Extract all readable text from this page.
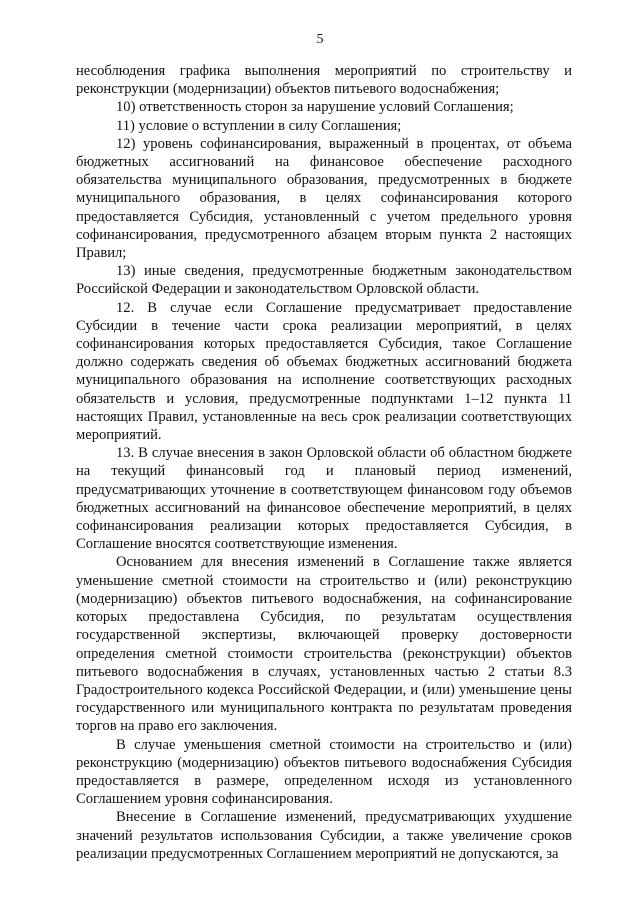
5

несоблюдения графика выполнения мероприятий по строительству и реконструкции (модернизации) объектов питьевого водоснабжения;

10) ответственность сторон за нарушение условий Соглашения;

11) условие о вступлении в силу Соглашения;

12) уровень софинансирования, выраженный в процентах, от объема бюджетных ассигнований на финансовое обеспечение расходного обязательства муниципального образования, предусмотренных в бюджете муниципального образования, в целях софинансирования которого предоставляется Субсидия, установленный с учетом предельного уровня софинансирования, предусмотренного абзацем вторым пункта 2 настоящих Правил;

13) иные сведения, предусмотренные бюджетным законодательством Российской Федерации и законодательством Орловской области.

12. В случае если Соглашение предусматривает предоставление Субсидии в течение части срока реализации мероприятий, в целях софинансирования которых предоставляется Субсидия, такое Соглашение должно содержать сведения об объемах бюджетных ассигнований бюджета муниципального образования на исполнение соответствующих расходных обязательств и условия, предусмотренные подпунктами 1–12 пункта 11 настоящих Правил, установленные на весь срок реализации соответствующих мероприятий.

13. В случае внесения в закон Орловской области об областном бюджете на текущий финансовый год и плановый период изменений, предусматривающих уточнение в соответствующем финансовом году объемов бюджетных ассигнований на финансовое обеспечение мероприятий, в целях софинансирования реализации которых предоставляется Субсидия, в Соглашение вносятся соответствующие изменения.

Основанием для внесения изменений в Соглашение также является уменьшение сметной стоимости на строительство и (или) реконструкцию (модернизацию) объектов питьевого водоснабжения, на софинансирование которых предоставлена Субсидия, по результатам осуществления государственной экспертизы, включающей проверку достоверности определения сметной стоимости строительства (реконструкции) объектов питьевого водоснабжения в случаях, установленных частью 2 статьи 8.3 Градостроительного кодекса Российской Федерации, и (или) уменьшение цены государственного или муниципального контракта по результатам проведения торгов на право его заключения.

В случае уменьшения сметной стоимости на строительство и (или) реконструкцию (модернизацию) объектов питьевого водоснабжения Субсидия предоставляется в размере, определенном исходя из установленного Соглашением уровня софинансирования.

Внесение в Соглашение изменений, предусматривающих ухудшение значений результатов использования Субсидии, а также увеличение сроков реализации предусмотренных Соглашением мероприятий не допускаются, за
